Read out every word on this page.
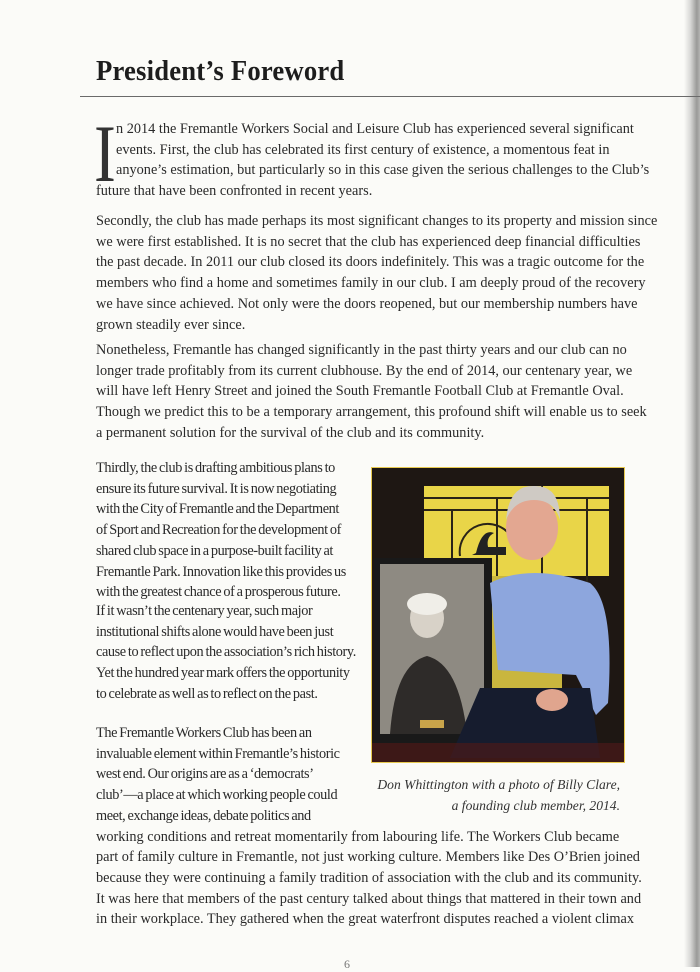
President’s Foreword
I n 2014 the Fremantle Workers Social and Leisure Club has experienced several significant
events. First, the club has celebrated its first century of existence, a momentous feat in
anyone’s estimation, but particularly so in this case given the serious challenges to the Club’s
future that have been confronted in recent years.
Secondly, the club has made perhaps its most significant changes to its property and mission since
we were first established. It is no secret that the club has experienced deep financial difficulties
the past decade. In 2011 our club closed its doors indefinitely. This was a tragic outcome for the
members who find a home and sometimes family in our club. I am deeply proud of the recovery
we have since achieved. Not only were the doors reopened, but our membership numbers have
grown steadily ever since.
Nonetheless, Fremantle has changed significantly in the past thirty years and our club can no
longer trade profitably from its current clubhouse. By the end of 2014, our centenary year, we
will have left Henry Street and joined the South Fremantle Football Club at Fremantle Oval.
Though we predict this to be a temporary arrangement, this profound shift will enable us to seek
a permanent solution for the survival of the club and its community.
Thirdly, the club is drafting ambitious plans to
ensure its future survival. It is now negotiating
with the City of Fremantle and the Department
of Sport and Recreation for the development of
shared club space in a purpose-built facility at
Fremantle Park. Innovation like this provides us
with the greatest chance of a prosperous future.
If it wasn’t the centenary year, such major
institutional shifts alone would have been just
cause to reflect upon the association’s rich history.
Yet the hundred year mark offers the opportunity
to celebrate as well as to reflect on the past.
The Fremantle Workers Club has been an
invaluable element within Fremantle’s historic
west end. Our origins are as a ‘democrats’
club’—a place at which working people could
meet, exchange ideas, debate politics and
working conditions and retreat momentarily from labouring life. The Workers Club became
part of family culture in Fremantle, not just working culture. Members like Des O’Brien joined
because they were continuing a family tradition of association with the club and its community.
It was here that members of the past century talked about things that mattered in their town and
in their workplace. They gathered when the great waterfront disputes reached a violent climax
Don Whittington with a photo of Billy Clare,
a founding club member, 2014.
6
